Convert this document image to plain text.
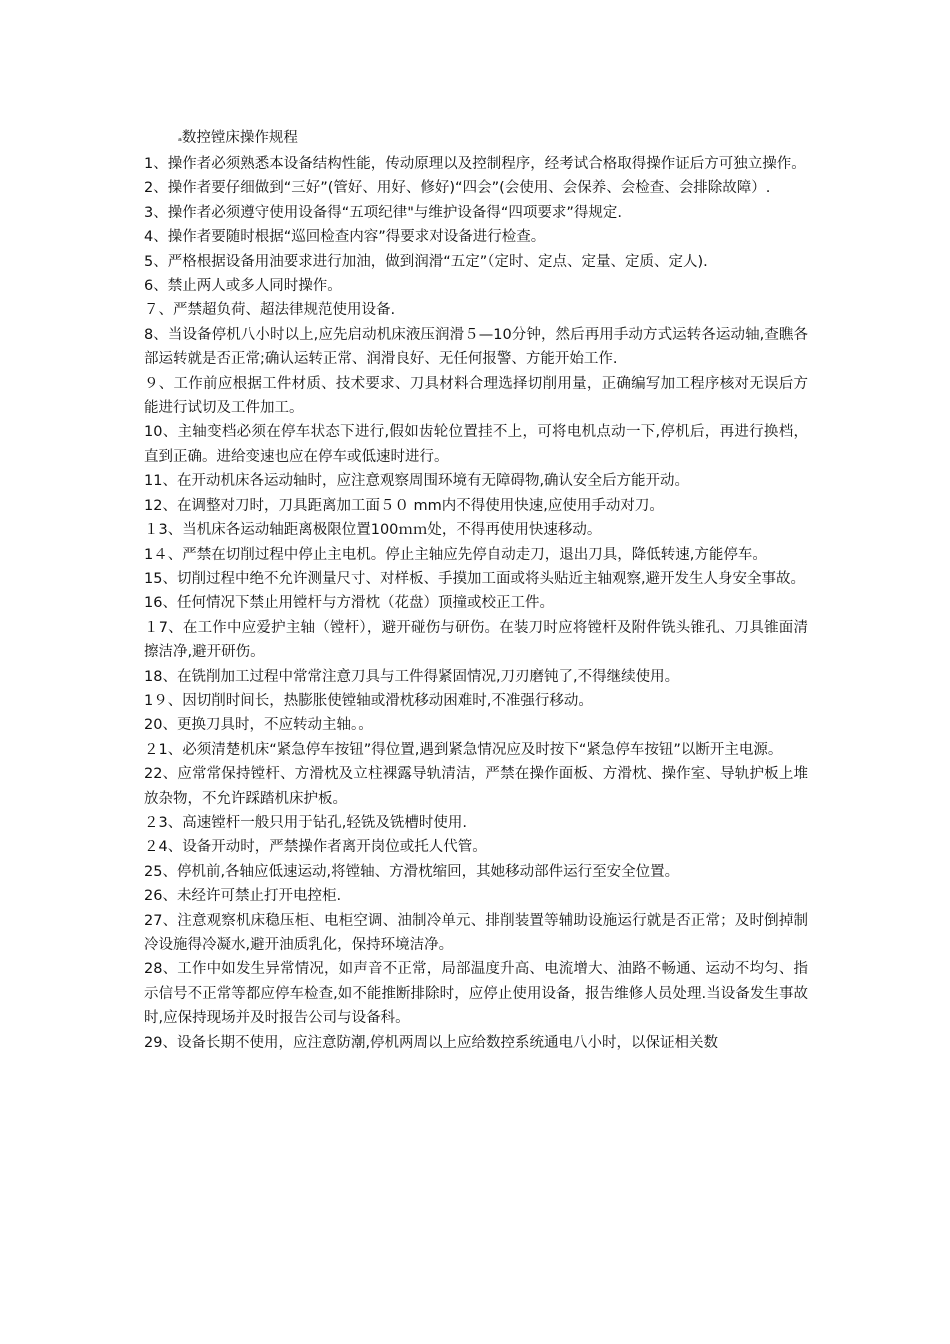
ₐ数控镗床操作规程
1、操作者必须熟悉本设备结构性能，传动原理以及控制程序，经考试合格取得操作证后方可独立操作。
2、操作者要仔细做到“三好”(管好、用好、修好)“四会”(会使用、会保养、会检查、会排除故障）.
3、操作者必须遵守使用设备得“五项纪律"与维护设备得“四项要求”得规定.
4、操作者要随时根据“巡回检查内容”得要求对设备进行检查。
5、严格根据设备用油要求进行加油，做到润滑“五定”（定时、定点、定量、定质、定人).
6、禁止两人或多人同时操作。
７、严禁超负荷、超法律规范使用设备.
8、当设备停机八小时以上,应先启动机床液压润滑５—10分钟，然后再用手动方式运转各运动轴,查瞧各部运转就是否正常;确认运转正常、润滑良好、无任何报警、方能开始工作.
９、工作前应根据工件材质、技术要求、刀具材料合理选择切削用量，正确编写加工程序核对无误后方能进行试切及工件加工。
10、主轴变档必须在停车状态下进行,假如齿轮位置挂不上，可将电机点动一下,停机后，再进行换档，直到正确。进给变速也应在停车或低速时进行。
11、在开动机床各运动轴时，应注意观察周围环境有无障碍物,确认安全后方能开动。
12、在调整对刀时，刀具距离加工面５０ mm内不得使用快速,应使用手动对刀。
１3、当机床各运动轴距离极限位置100ｍｍ处，不得再使用快速移动。
1４、严禁在切削过程中停止主电机。停止主轴应先停自动走刀，退出刀具，降低转速,方能停车。
15、切削过程中绝不允许测量尺寸、对样板、手摸加工面或将头贴近主轴观察,避开发生人身安全事故。
16、任何情况下禁止用镗杆与方滑枕（花盘）顶撞或校正工件。
１7、在工作中应爱护主轴（镗杆），避开碰伤与研伤。在装刀时应将镗杆及附件铣头锥孔、刀具锥面清擦洁净,避开研伤。
18、在铣削加工过程中常常注意刀具与工件得紧固情况,刀刃磨钝了,不得继续使用。
1９、因切削时间长，热膨胀使镗轴或滑枕移动困难时,不准强行移动。
20、更换刀具时，不应转动主轴。。
２1、必须清楚机床“紧急停车按钮”得位置,遇到紧急情况应及时按下“紧急停车按钮”以断开主电源。
22、应常常保持镗杆、方滑枕及立柱裸露导轨清洁，严禁在操作面板、方滑枕、操作室、导轨护板上堆放杂物，不允许踩踏机床护板。
２3、高速镗杆一般只用于钻孔,轻铣及铣槽时使用.
２4、设备开动时，严禁操作者离开岗位或托人代管。
25、停机前,各轴应低速运动,将镗轴、方滑枕缩回，其她移动部件运行至安全位置。
26、未经许可禁止打开电控柜.
27、注意观察机床稳压柜、电柜空调、油制冷单元、排削装置等辅助设施运行就是否正常；及时倒掉制冷设施得冷凝水,避开油质乳化，保持环境洁净。
28、工作中如发生异常情况，如声音不正常，局部温度升高、电流增大、油路不畅通、运动不均匀、指示信号不正常等都应停车检查,如不能推断排除时，应停止使用设备，报告维修人员处理.当设备发生事故时,应保持现场并及时报告公司与设备科。
29、设备长期不使用，应注意防潮,停机两周以上应给数控系统通电八小时，以保证相关数
